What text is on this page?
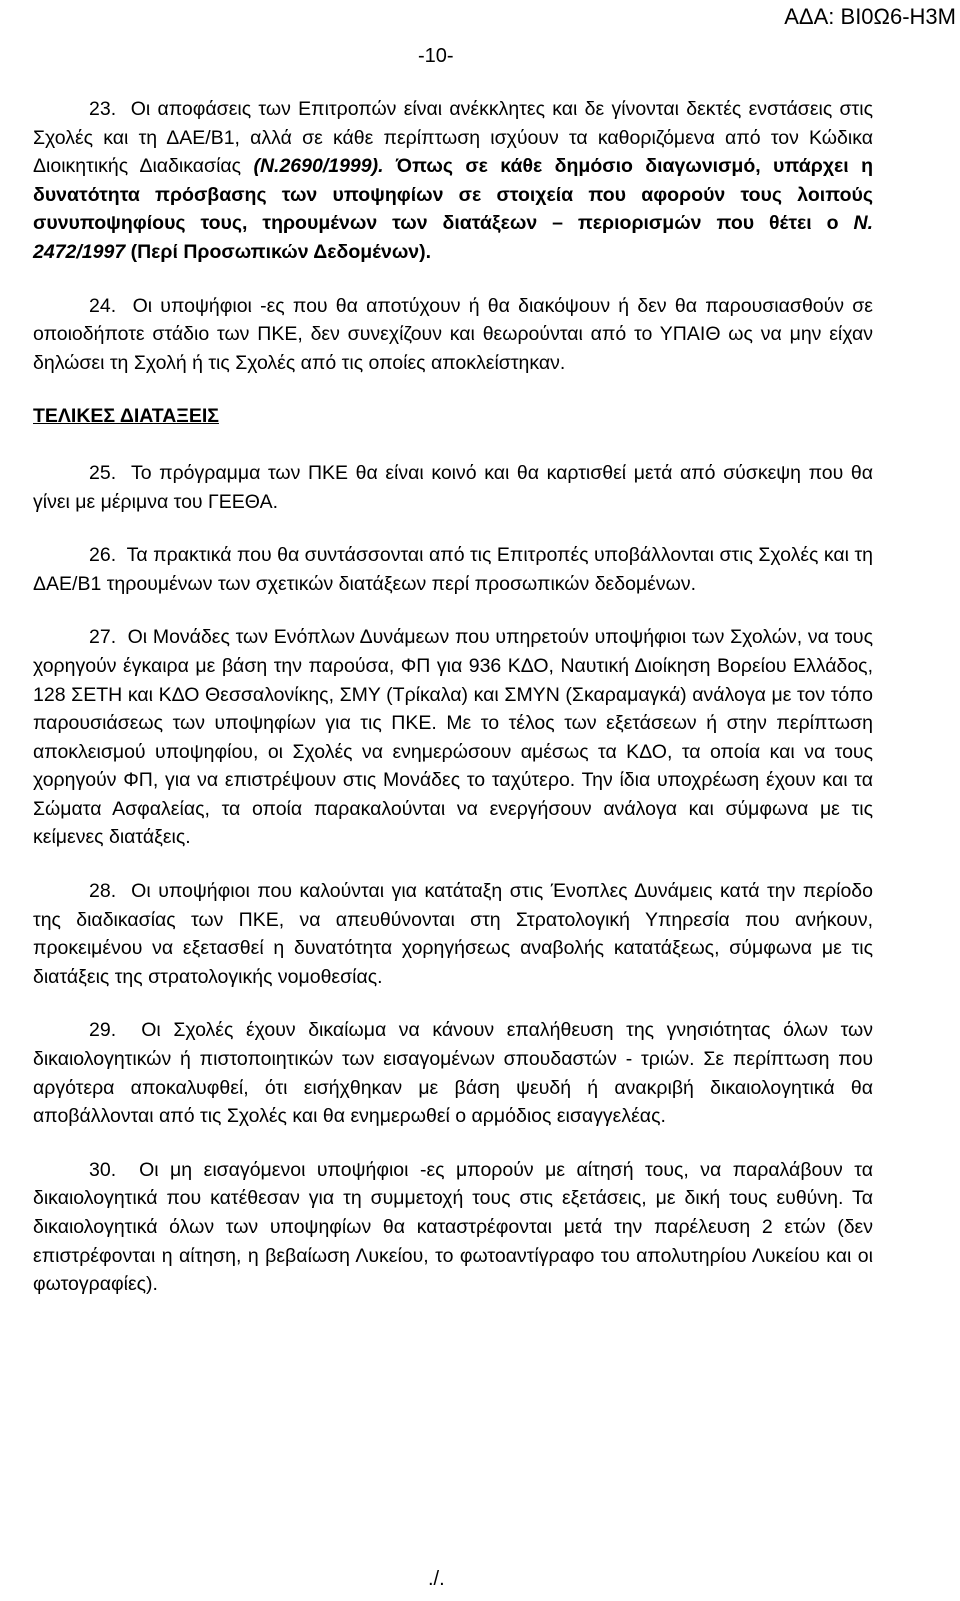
ΑΔΑ: ΒΙ0Ω6-Η3Μ
-10-

23. Οι αποφάσεις των Επιτροπών είναι ανέκκλητες και δε γίνονται δεκτές ενστάσεις στις Σχολές και τη ΔΑΕ/Β1, αλλά σε κάθε περίπτωση ισχύουν τα καθοριζόμενα από τον Κώδικα Διοικητικής Διαδικασίας (Ν.2690/1999). Όπως σε κάθε δημόσιο διαγωνισμό, υπάρχει η δυνατότητα πρόσβασης των υποψηφίων σε στοιχεία που αφορούν τους λοιπούς συνυποψηφίους τους, τηρουμένων των διατάξεων – περιορισμών που θέτει ο Ν. 2472/1997 (Περί Προσωπικών Δεδομένων).

24. Οι υποψήφιοι -ες που θα αποτύχουν ή θα διακόψουν ή δεν θα παρουσιασθούν σε οποιοδήποτε στάδιο των ΠΚΕ, δεν συνεχίζουν και θεωρούνται από το ΥΠΑΙΘ ως να μην είχαν δηλώσει τη Σχολή ή τις Σχολές από τις οποίες αποκλείστηκαν.

ΤΕΛΙΚΕΣ ΔΙΑΤΑΞΕΙΣ

25. Το πρόγραμμα των ΠΚΕ θα είναι κοινό και θα καρτισθεί μετά από σύσκεψη που θα γίνει με μέριμνα του ΓΕΕΘΑ.

26. Τα πρακτικά που θα συντάσσονται από τις Επιτροπές υποβάλλονται στις Σχολές και τη ΔΑΕ/Β1 τηρουμένων των σχετικών διατάξεων περί προσωπικών δεδομένων.

27. Οι Μονάδες των Ενόπλων Δυνάμεων που υπηρετούν υποψήφιοι των Σχολών, να τους χορηγούν έγκαιρα με βάση την παρούσα, ΦΠ για 936 ΚΔΟ, Ναυτική Διοίκηση Βορείου Ελλάδος, 128 ΣΕΤΗ και ΚΔΟ Θεσσαλονίκης, ΣΜΥ (Τρίκαλα) και ΣΜΥΝ (Σκαραμαγκά) ανάλογα με τον τόπο παρουσιάσεως των υποψηφίων για τις ΠΚΕ. Με το τέλος των εξετάσεων ή στην περίπτωση αποκλεισμού υποψηφίου, οι Σχολές να ενημερώσουν αμέσως τα ΚΔΟ, τα οποία και να τους χορηγούν ΦΠ, για να επιστρέψουν στις Μονάδες το ταχύτερο. Την ίδια υποχρέωση έχουν και τα Σώματα Ασφαλείας, τα οποία παρακαλούνται να ενεργήσουν ανάλογα και σύμφωνα με τις κείμενες διατάξεις.

28. Οι υποψήφιοι που καλούνται για κατάταξη στις Ένοπλες Δυνάμεις κατά την περίοδο της διαδικασίας των ΠΚΕ, να απευθύνονται στη Στρατολογική Υπηρεσία που ανήκουν, προκειμένου να εξετασθεί η δυνατότητα χορηγήσεως αναβολής κατατάξεως, σύμφωνα με τις διατάξεις της στρατολογικής νομοθεσίας.

29. Οι Σχολές έχουν δικαίωμα να κάνουν επαλήθευση της γνησιότητας όλων των δικαιολογητικών ή πιστοποιητικών των εισαγομένων σπουδαστών - τριών. Σε περίπτωση που αργότερα αποκαλυφθεί, ότι εισήχθηκαν με βάση ψευδή ή ανακριβή δικαιολογητικά θα αποβάλλονται από τις Σχολές και θα ενημερωθεί ο αρμόδιος εισαγγελέας.

30. Οι μη εισαγόμενοι υποψήφιοι -ες μπορούν με αίτησή τους, να παραλάβουν τα δικαιολογητικά που κατέθεσαν για τη συμμετοχή τους στις εξετάσεις, με δική τους ευθύνη. Τα δικαιολογητικά όλων των υποψηφίων θα καταστρέφονται μετά την παρέλευση 2 ετών (δεν επιστρέφονται η αίτηση, η βεβαίωση Λυκείου, το φωτοαντίγραφο του απολυτηρίου Λυκείου και οι φωτογραφίες).

./.
